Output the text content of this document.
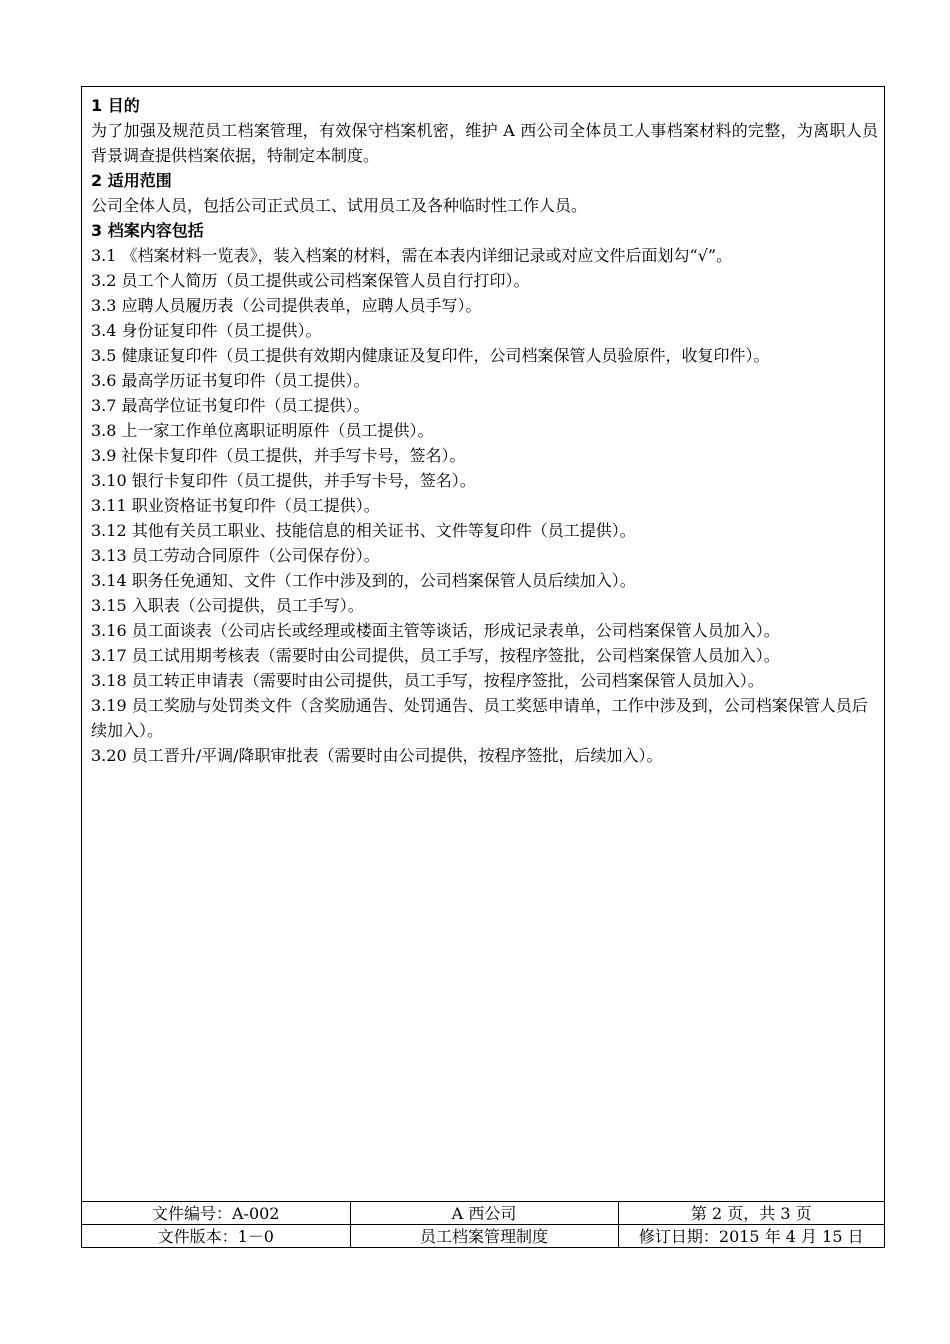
1 目的
为了加强及规范员工档案管理，有效保守档案机密，维护 A 西公司全体员工人事档案材料的完整，为离职人员背景调查提供档案依据，特制定本制度。
2 适用范围
公司全体人员，包括公司正式员工、试用员工及各种临时性工作人员。
3 档案内容包括
3.1 《档案材料一览表》，装入档案的材料，需在本表内详细记录或对应文件后面划勾“√”。
3.2 员工个人简历（员工提供或公司档案保管人员自行打印）。
3.3 应聘人员履历表（公司提供表单，应聘人员手写）。
3.4 身份证复印件（员工提供）。
3.5 健康证复印件（员工提供有效期内健康证及复印件，公司档案保管人员验原件，收复印件）。
3.6 最高学历证书复印件（员工提供）。
3.7 最高学位证书复印件（员工提供）。
3.8 上一家工作单位离职证明原件（员工提供）。
3.9 社保卡复印件（员工提供，并手写卡号，签名）。
3.10 银行卡复印件（员工提供，并手写卡号，签名）。
3.11 职业资格证书复印件（员工提供）。
3.12 其他有关员工职业、技能信息的相关证书、文件等复印件（员工提供）。
3.13 员工劳动合同原件（公司保存份）。
3.14 职务任免通知、文件（工作中涉及到的，公司档案保管人员后续加入）。
3.15 入职表（公司提供，员工手写）。
3.16 员工面谈表（公司店长或经理或楼面主管等谈话，形成记录表单，公司档案保管人员加入）。
3.17 员工试用期考核表（需要时由公司提供，员工手写，按程序签批，公司档案保管人员加入）。
3.18 员工转正申请表（需要时由公司提供，员工手写，按程序签批，公司档案保管人员加入）。
3.19 员工奖励与处罚类文件（含奖励通告、处罚通告、员工奖惩申请单，工作中涉及到，公司档案保管人员后续加入）。
3.20 员工晋升/平调/降职审批表（需要时由公司提供，按程序签批，后续加入）。
文件编号：A-002	A 西公司	第 2 页，共 3 页
文件版本：1－0	员工档案管理制度	修订日期：2015 年 4 月 15 日
